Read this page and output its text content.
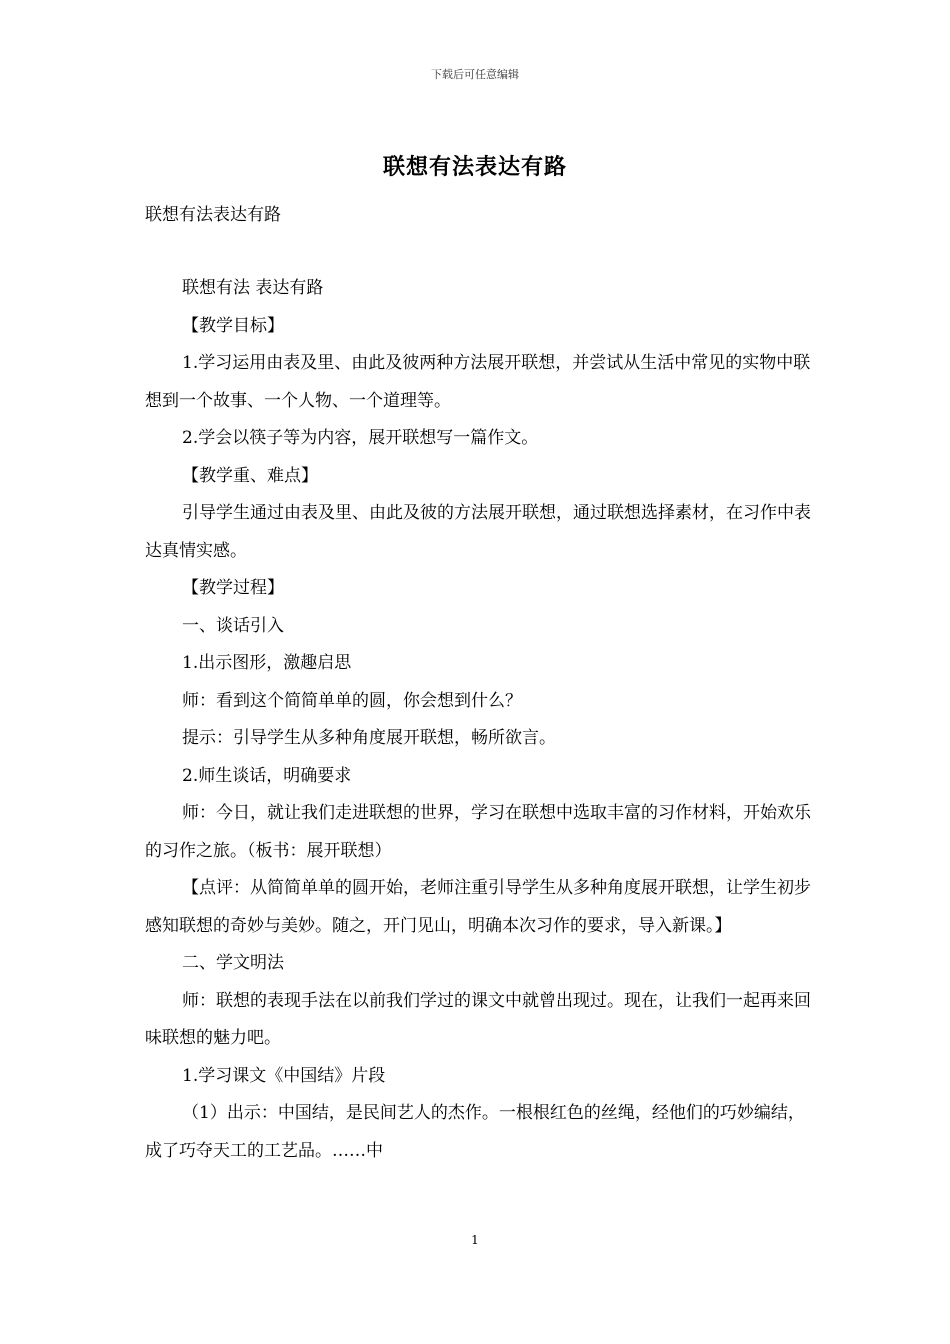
下载后可任意编辑
联想有法表达有路
联想有法表达有路

联想有法 表达有路

【教学目标】

1.学习运用由表及里、由此及彼两种方法展开联想，并尝试从生活中常见的实物中联想到一个故事、一个人物、一个道理等。

2.学会以筷子等为内容，展开联想写一篇作文。

【教学重、难点】

引导学生通过由表及里、由此及彼的方法展开联想，通过联想选择素材，在习作中表达真情实感。

【教学过程】

一、谈话引入

1.出示图形，激趣启思

师：看到这个简简单单的圆，你会想到什么？

提示：引导学生从多种角度展开联想，畅所欲言。

2.师生谈话，明确要求

师：今日，就让我们走进联想的世界，学习在联想中选取丰富的习作材料，开始欢乐的习作之旅。（板书：展开联想）

【点评：从简简单单的圆开始，老师注重引导学生从多种角度展开联想，让学生初步感知联想的奇妙与美妙。随之，开门见山，明确本次习作的要求，导入新课。】

二、学文明法

师：联想的表现手法在以前我们学过的课文中就曾出现过。现在，让我们一起再来回味联想的魅力吧。

1.学习课文《中国结》片段

（1）出示：中国结，是民间艺人的杰作。一根根红色的丝绳，经他们的巧妙编结，成了巧夺天工的工艺品。……中

1
